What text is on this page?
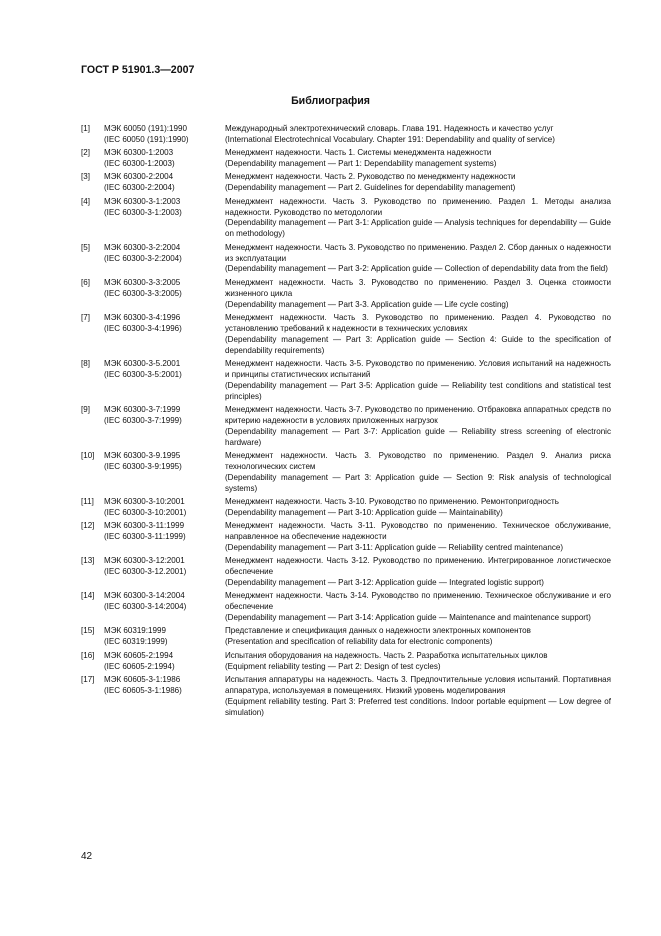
ГОСТ Р 51901.3—2007
Библиография
[1]	МЭК 60050 (191):1990
(IEC 60050 (191):1990)
Международный электротехнический словарь. Глава 191. Надежность и качество услуг
(International Electrotechnical Vocabulary. Chapter 191: Dependability and quality of service)
[2]	МЭК 60300-1:2003
(IEC 60300-1:2003)
Менеджмент надежности. Часть 1. Системы менеджмента надежности
(Dependability management — Part 1: Dependability management systems)
[3]	МЭК 60300-2:2004
(IEC 60300-2:2004)
Менеджмент надежности. Часть 2. Руководство по менеджменту надежности
(Dependability management — Part 2. Guidelines for dependability management)
[4]	МЭК 60300-3-1:2003
(IEC 60300-3-1:2003)
Менеджмент надежности. Часть 3. Руководство по применению. Раздел 1. Методы анализа надежности. Руководство по методологии
(Dependability management — Part 3-1: Application guide — Analysis techniques for dependability — Guide on methodology)
[5]	МЭК 60300-3-2:2004
(IEC 60300-3-2:2004)
Менеджмент надежности. Часть 3. Руководство по применению. Раздел 2. Сбор данных о надежности из эксплуатации
(Dependability management — Part 3-2: Application guide — Collection of dependability data from the field)
[6]	МЭК 60300-3-3:2005
(IEC 60300-3-3:2005)
Менеджмент надежности. Часть 3. Руководство по применению. Раздел 3. Оценка стоимости жизненного цикла
(Dependability management — Part 3-3. Application guide — Life cycle costing)
[7]	МЭК 60300-3-4:1996
(IEC 60300-3-4:1996)
Менеджмент надежности. Часть 3. Руководство по применению. Раздел 4. Руководство по установлению требований к надежности в технических условиях
(Dependability management — Part 3: Application guide — Section 4: Guide to the specification of dependability requirements)
[8]	МЭК 60300-3-5.2001
(IEC 60300-3-5:2001)
Менеджмент надежности. Часть 3-5. Руководство по применению. Условия испытаний на надежность и принципы статистических испытаний
(Dependability management — Part 3-5: Application guide — Reliability test conditions and statistical test principles)
[9]	МЭК 60300-3-7:1999
(IEC 60300-3-7:1999)
Менеджмент надежности. Часть 3-7. Руководство по применению. Отбраковка аппаратных средств по критерию надежности в условиях приложенных нагрузок
(Dependability management — Part 3-7: Application guide — Reliability stress screening of electronic hardware)
[10]	МЭК 60300-3-9.1995
(IEC 60300-3-9:1995)
Менеджмент надежности. Часть 3. Руководство по применению. Раздел 9. Анализ риска технологических систем
(Dependability management — Part 3: Application guide — Section 9: Risk analysis of technological systems)
[11]	МЭК 60300-3-10:2001
(IEC 60300-3-10:2001)
Менеджмент надежности. Часть 3-10. Руководство по применению. Ремонтопригодность
(Dependability management — Part 3-10: Application guide — Maintainability)
[12]	МЭК 60300-3-11:1999
(IEC 60300-3-11:1999)
Менеджмент надежности. Часть 3-11. Руководство по применению. Техническое обслуживание, направленное на обеспечение надежности
(Dependability management — Part 3-11: Application guide — Reliability centred maintenance)
[13]	МЭК 60300-3-12:2001
(IEC 60300-3-12.2001)
Менеджмент надежности. Часть 3-12. Руководство по применению. Интегрированное логистическое обеспечение
(Dependability management — Part 3-12: Application guide — Integrated logistic support)
[14]	МЭК 60300-3-14:2004
(IEC 60300-3-14:2004)
Менеджмент надежности. Часть 3-14. Руководство по применению. Техническое обслуживание и его обеспечение
(Dependability management — Part 3-14: Application guide — Maintenance and maintenance support)
[15]	МЭК 60319:1999
(IEC 60319:1999)
Представление и спецификация данных о надежности электронных компонентов
(Presentation and specification of reliability data for electronic components)
[16]	МЭК 60605-2:1994
(IEC 60605-2:1994)
Испытания оборудования на надежность. Часть 2. Разработка испытательных циклов
(Equipment reliability testing — Part 2: Design of test cycles)
[17]	МЭК 60605-3-1:1986
(IEC 60605-3-1:1986)
Испытания аппаратуры на надежность. Часть 3. Предпочтительные условия испытаний. Портативная аппаратура, используемая в помещениях. Низкий уровень моделирования
(Equipment reliability testing. Part 3: Preferred test conditions. Indoor portable equipment — Low degree of simulation)
42
